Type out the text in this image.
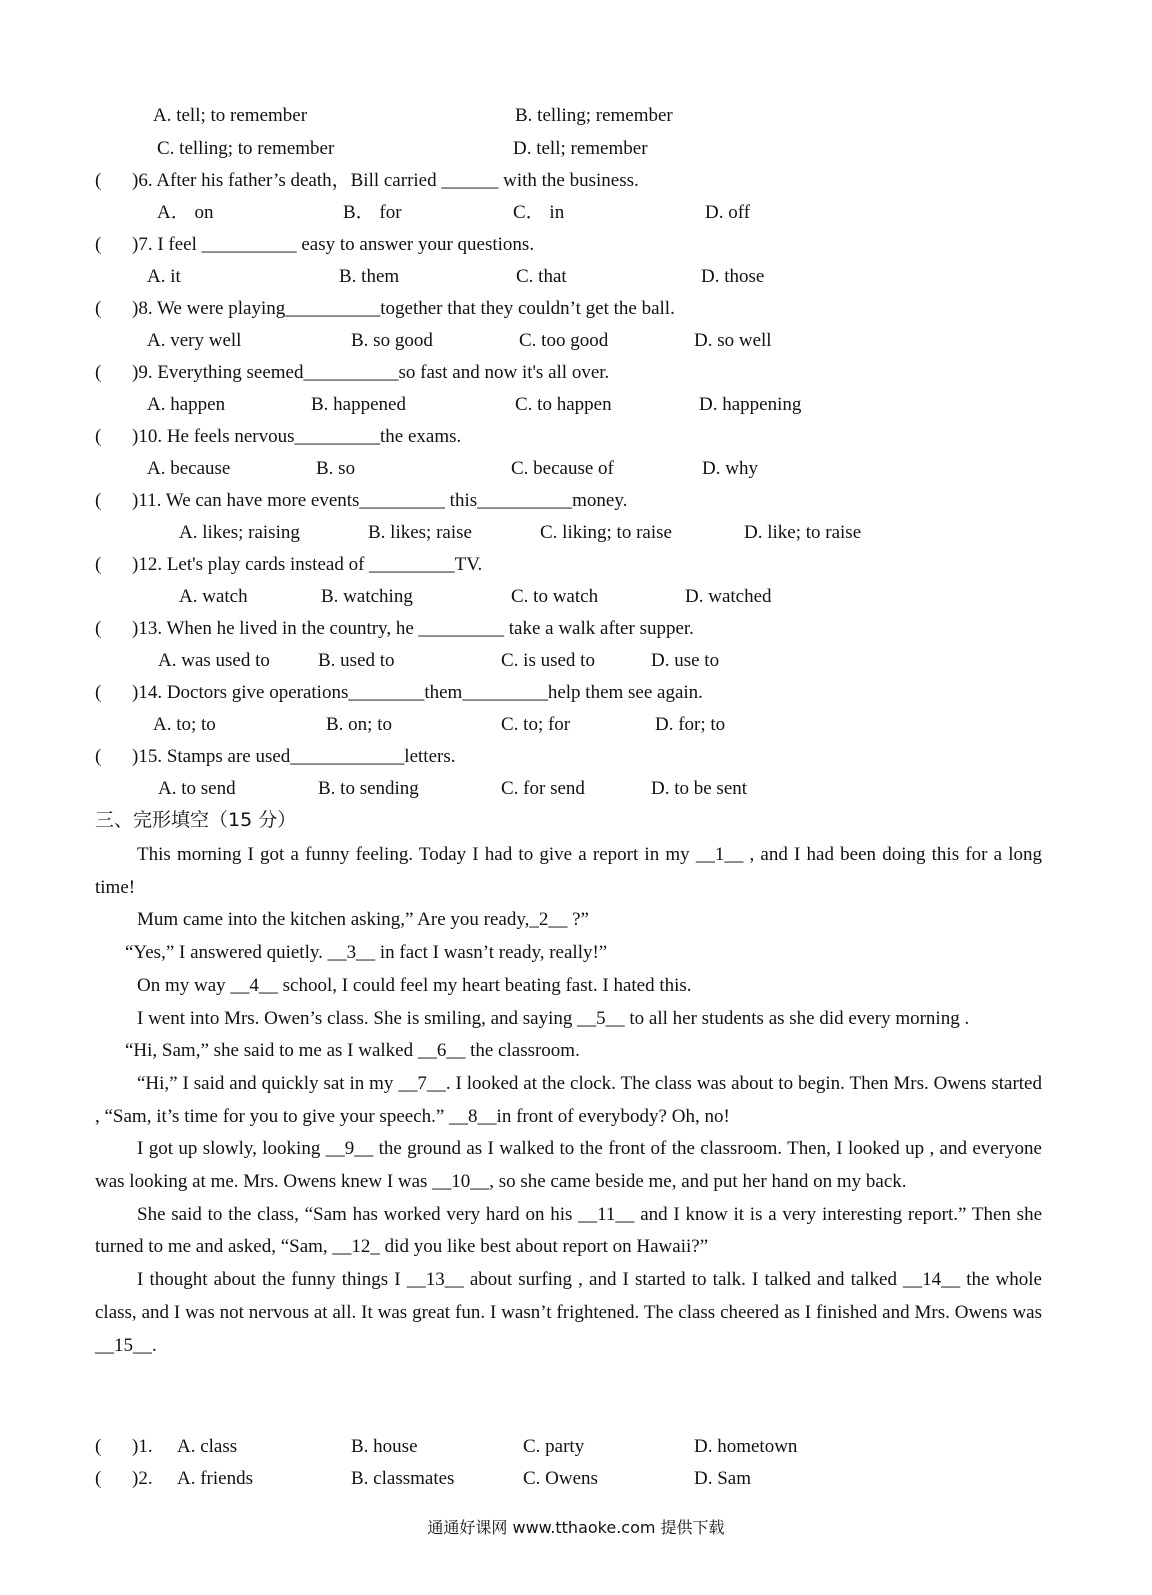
A. tell; to remember	B. telling; remember
C. telling; to remember	D. tell; remember
( )6. After his father’s death，Bill carried ______ with the business.
A． on	B． for	C． in	D. off
( )7. I feel __________ easy to answer your questions.
A. it	B. them	C. that	D. those
( )8. We were playing__________together that they couldn’t get the ball.
A. very well	B. so good	C. too good	D. so well
( )9. Everything seemed__________so fast and now it's all over.
A. happen	B. happened	C. to happen	D. happening
( )10. He feels nervous_________the exams.
A. because	B. so	C. because of	D. why
( )11. We can have more events_________ this__________money.
A. likes; raising	B. likes; raise	C. liking; to raise	D. like; to raise
( )12. Let's play cards instead of _________TV.
A. watch	B. watching	C. to watch	D. watched
( )13. When he lived in the country, he _________ take a walk after supper.
A. was used to	B. used to	C. is used to	D. use to
( )14. Doctors give operations________them_________help them see again.
A. to; to	B. on; to	C. to; for	D. for; to
( )15. Stamps are used____________letters.
A. to send	B. to sending	C. for send	D. to be sent
三、完形填空（15 分）

This morning I got a funny feeling. Today I had to give a report in my __1__ , and I had been doing this for a long time!

Mum came into the kitchen asking,” Are you ready,_2__ ?”

“Yes,” I answered quietly. __3__ in fact I wasn’t ready, really!”

On my way __4__ school, I could feel my heart beating fast. I hated this.

I went into Mrs. Owen’s class. She is smiling, and saying __5__ to all her students as she did every morning .

“Hi, Sam,” she said to me as I walked __6__ the classroom.

“Hi,” I said and quickly sat in my __7__. I looked at the clock. The class was about to begin. Then Mrs. Owens started , “Sam, it’s time for you to give your speech.” __8__in front of everybody? Oh, no!

I got up slowly, looking __9__ the ground as I walked to the front of the classroom. Then, I looked up , and everyone was looking at me. Mrs. Owens knew I was __10__, so she came beside me, and put her hand on my back.

She said to the class, “Sam has worked very hard on his __11__ and I know it is a very interesting report.” Then she turned to me and asked, “Sam, __12_ did you like best about report on Hawaii?”

I thought about the funny things I __13__ about surfing , and I started to talk. I talked and talked __14__ the whole class, and I was not nervous at all. It was great fun. I wasn’t frightened. The class cheered as I finished and Mrs. Owens was __15__.

( )1. A. class	B. house	C. party	D. hometown
( )2. A. friends	B. classmates	C. Owens	D. Sam
通通好课网 www.tthaoke.com 提供下载
